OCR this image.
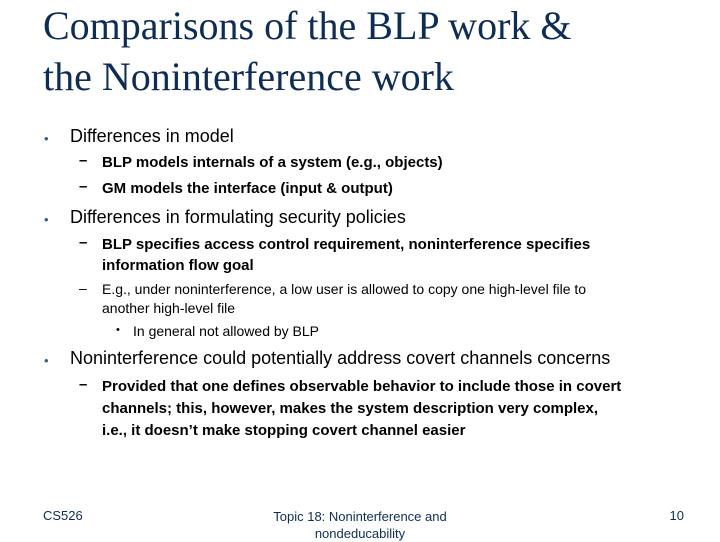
Comparisons of the BLP work &
the Noninterference work
• Differences in model
– BLP models internals of a system (e.g., objects)
– GM models the interface (input & output)
• Differences in formulating security policies
– BLP specifies access control requirement, noninterference specifies
information flow goal
– E.g., under noninterference, a low user is allowed to copy one high-level file to
another high-level file
• In general not allowed by BLP
• Noninterference could potentially address covert channels concerns
– Provided that one defines observable behavior to include those in covert
channels; this, however, makes the system description very complex,
i.e., it doesn’t make stopping covert channel easier
CS526	Topic 18: Noninterference and
nondeducability
10
